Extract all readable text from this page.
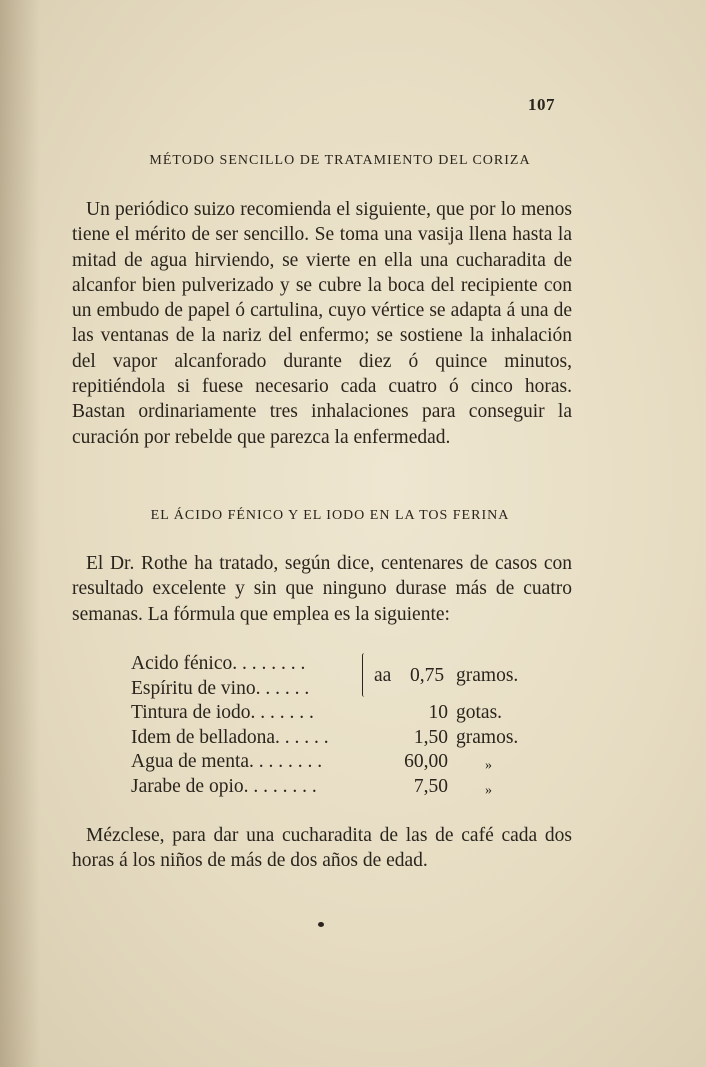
107
MÉTODO SENCILLO DE TRATAMIENTO DEL CORIZA

Un periódico suizo recomienda el siguiente, que por lo menos tiene el mérito de ser sencillo. Se toma una vasija llena hasta la mitad de agua hirviendo, se vierte en ella una cucharadita de alcanfor bien pulverizado y se cubre la boca del recipiente con un embudo de papel ó cartulina, cuyo vértice se adapta á una de las ventanas de la nariz del enfermo; se sostiene la inhalación del vapor alcanforado durante diez ó quince minutos, repitiéndola si fuese necesario cada cuatro ó cinco horas. Bastan ordinariamente tres inhalaciones para conseguir la curación por rebelde que parezca la enfermedad.

EL ÁCIDO FÉNICO Y EL IODO EN LA TOS FERINA

El Dr. Rothe ha tratado, según dice, centenares de casos con resultado excelente y sin que ninguno durase más de cuatro semanas. La fórmula que emplea es la siguiente:

Acido fénico. . . . . . . .
Espíritu de vino. . . . . .
aa 0,75 gramos.
Tintura de iodo. . . . . . .	10 gotas.
Idem de belladona. . . . . .	1,50 gramos.
Agua de menta. . . . . . . .	60,00	»
Jarabe de opio. . . . . . . .	7,50	»

Mézclese, para dar una cucharadita de las de café cada dos horas á los niños de más de dos años de edad.
